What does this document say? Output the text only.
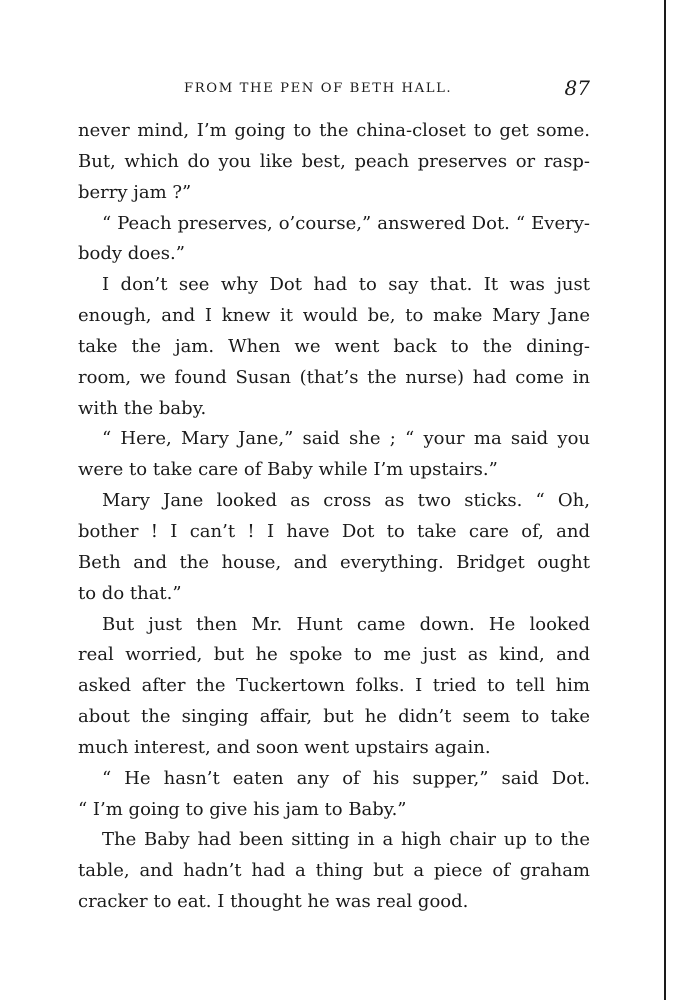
FROM THE PEN OF BETH HALL.	87
never mind, I’m going to the china-closet to get some.
But, which do you like best, peach preserves or rasp-
berry jam ?”
“ Peach preserves, o’course,” answered Dot. “ Every-
body does.”
I don’t see why Dot had to say that. It was just
enough, and I knew it would be, to make Mary Jane
take the jam. When we went back to the dining-
room, we found Susan (that’s the nurse) had come in
with the baby.
“ Here, Mary Jane,” said she ; “ your ma said you
were to take care of Baby while I’m upstairs.”
Mary Jane looked as cross as two sticks. “ Oh,
bother ! I can’t ! I have Dot to take care of, and
Beth and the house, and everything. Bridget ought
to do that.”
But just then Mr. Hunt came down. He looked
real worried, but he spoke to me just as kind, and
asked after the Tuckertown folks. I tried to tell him
about the singing affair, but he didn’t seem to take
much interest, and soon went upstairs again.
“ He hasn’t eaten any of his supper,” said Dot.
“ I’m going to give his jam to Baby.”
The Baby had been sitting in a high chair up to the
table, and hadn’t had a thing but a piece of graham
cracker to eat. I thought he was real good.
